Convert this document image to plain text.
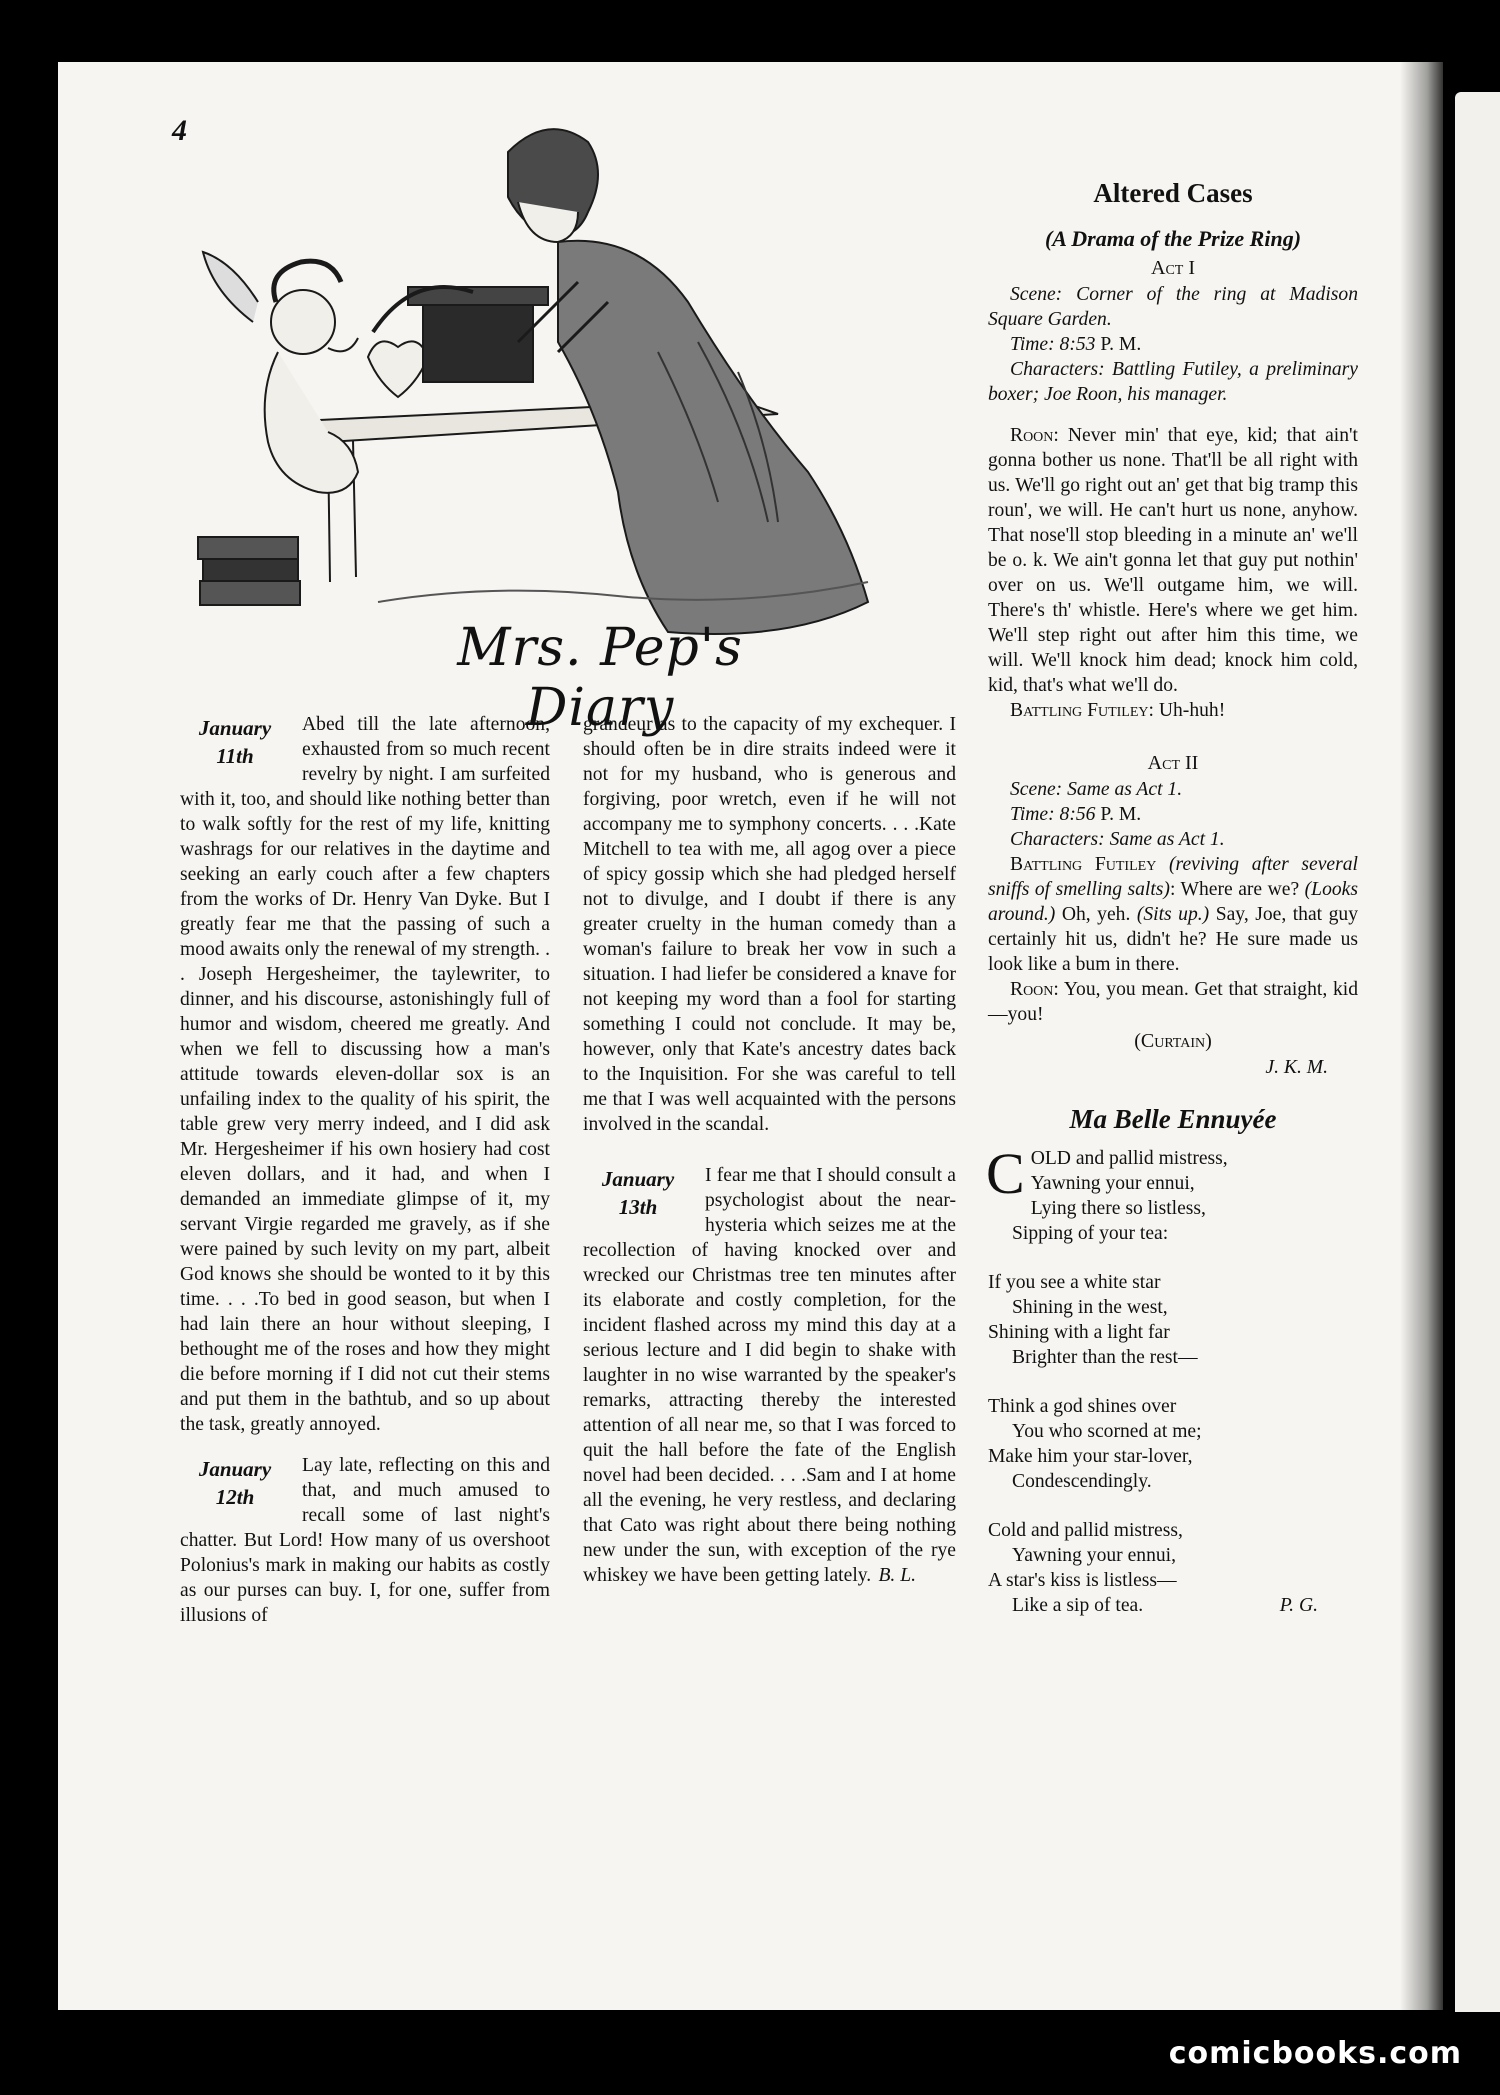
4
Mrs. Pep's Diary
January
11th

Abed till the late afternoon, exhausted from so much recent revelry by night. I am surfeited with it, too, and should like nothing better than to walk softly for the rest of my life, knitting washrags for our relatives in the daytime and seeking an early couch after a few chapters from the works of Dr. Henry Van Dyke. But I greatly fear me that the passing of such a mood awaits only the renewal of my strength. . . Joseph Hergesheimer, the taylewriter, to dinner, and his discourse, astonishingly full of humor and wisdom, cheered me greatly. And when we fell to discussing how a man's attitude towards eleven-dollar sox is an unfailing index to the quality of his spirit, the table grew very merry indeed, and I did ask Mr. Hergesheimer if his own hosiery had cost eleven dollars, and it had, and when I demanded an immediate glimpse of it, my servant Virgie regarded me gravely, as if she were pained by such levity on my part, albeit God knows she should be wonted to it by this time. . . .To bed in good season, but when I had lain there an hour without sleeping, I bethought me of the roses and how they might die before morning if I did not cut their stems and put them in the bathtub, and so up about the task, greatly annoyed.

January
12th

Lay late, reflecting on this and that, and much amused to recall some of last night's chatter. But Lord! How many of us overshoot Polonius's mark in making our habits as costly as our purses can buy. I, for one, suffer from illusions of

grandeur as to the capacity of my exchequer. I should often be in dire straits indeed were it not for my husband, who is generous and forgiving, poor wretch, even if he will not accompany me to symphony concerts. . . .Kate Mitchell to tea with me, all agog over a piece of spicy gossip which she had pledged herself not to divulge, and I doubt if there is any greater cruelty in the human comedy than a woman's failure to break her vow in such a situation. I had liefer be considered a knave for not keeping my word than a fool for starting something I could not conclude. It may be, however, only that Kate's ancestry dates back to the Inquisition. For she was careful to tell me that I was well acquainted with the persons involved in the scandal.

January
13th

I fear me that I should consult a psychologist about the near-hysteria which seizes me at the recollection of having knocked over and wrecked our Christmas tree ten minutes after its elaborate and costly completion, for the incident flashed across my mind this day at a serious lecture and I did begin to shake with laughter in no wise warranted by the speaker's remarks, attracting thereby the interested attention of all near me, so that I was forced to quit the hall before the fate of the English novel had been decided. . . .Sam and I at home all the evening, he very restless, and declaring that Cato was right about there being nothing new under the sun, with exception of the rye whiskey we have been getting lately. B. L.

Altered Cases
(A Drama of the Prize Ring)
Act I

Scene: Corner of the ring at Madison Square Garden.

Time: 8:53 P. M.

Characters: Battling Futiley, a preliminary boxer; Joe Roon, his manager.

Roon: Never min' that eye, kid; that ain't gonna bother us none. That'll be all right with us. We'll go right out an' get that big tramp this roun', we will. He can't hurt us none, anyhow. That nose'll stop bleeding in a minute an' we'll be o. k. We ain't gonna let that guy put nothin' over on us. We'll outgame him, we will. There's th' whistle. Here's where we get him. We'll step right out after him this time, we will. We'll knock him dead; knock him cold, kid, that's what we'll do.

Battling Futiley: Uh-huh!

Act II

Scene: Same as Act 1.

Time: 8:56 P. M.

Characters: Same as Act 1.

Battling Futiley (reviving after several sniffs of smelling salts): Where are we? (Looks around.) Oh, yeh. (Sits up.) Say, Joe, that guy certainly hit us, didn't he? He sure made us look like a bum in there.

Roon: You, you mean. Get that straight, kid—you!

(Curtain)
J. K. M.
Ma Belle Ennuyée
C OLD and pallid mistress,
Yawning your ennui,
Lying there so listless,
Sipping of your tea:
If you see a white star
Shining in the west,
Shining with a light far
Brighter than the rest—
Think a god shines over
You who scorned at me;
Make him your star-lover,
Condescendingly.
Cold and pallid mistress,
Yawning your ennui,
A star's kiss is listless—
Like a sip of tea.	P. G.
comicbooks.com
